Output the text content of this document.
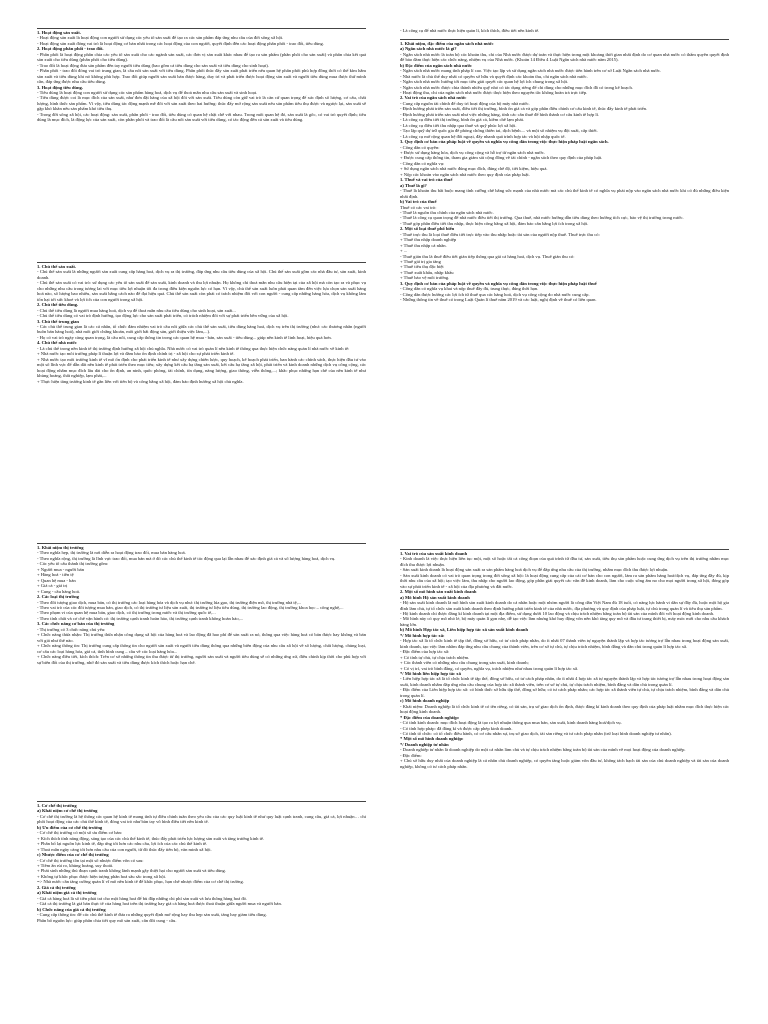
1. Hoạt động sản xuất.

- Hoạt động sản xuất là hoạt động con người sử dụng các yếu tố sản xuất để tạo ra các sản phẩm đáp ứng nhu cầu của đời sống xã hội.

- Hoạt động sản xuất đóng vai trò là hoạt động cơ bản nhất trong các hoạt động của con người, quyết định đến các hoạt động phân phối - trao đổi, tiêu dùng.

2. Hoạt động phân phối - trao đổi.

- Phân phối là hoạt động phân chia các yếu tố sản xuất cho các ngành sản xuất, các đơn vị sản xuất khác nhau để tạo ra sản phẩm (phân phối cho sản xuất) và phân chia kết quả sản xuất cho tiêu dùng (phân phối cho tiêu dùng).

- Trao đổi là hoạt động đưa sản phẩm đến tay người tiêu dùng (bao gồm cả tiêu dùng cho sản xuất và tiêu dùng cho sinh hoạt).

- Phân phối - trao đổi đóng vai trò trung gian, là cầu nối sản xuất với tiêu dùng. Phân phối thúc đẩy sản xuất phát triển nếu quan hệ phân phối phù hợp đồng thời có thể kìm hãm sản xuất và tiêu dùng khi nó không phù hợp. Trao đổi giúp người sản xuất bán được hàng, duy trì và phát triển được hoạt động sản xuất và người tiêu dùng mua được thứ mình cần, đáp ứng được nhu cầu tiêu dùng.

3. Hoạt động tiêu dùng.

- Tiêu dùng là hoạt động con người sử dụng các sản phẩm hàng hoá, dịch vụ để thoả mãn nhu cầu sản xuất và sinh hoạt.

- Tiêu dùng được coi là mục đích của sản xuất, như đơn đặt hàng của xã hội đối với sản xuất. Tiêu dùng còn giữ vai trò là căn cứ quan trọng để xác định số lượng, cơ cấu, chất lượng, hình thức sản phẩm. Vì vậy, tiêu dùng tác động mạnh mẽ đối với sản xuất theo hai hướng: thúc đẩy mở rộng sản xuất nếu sản phẩm tiêu thụ được và ngược lại, sản xuất sẽ gặp khó khăn nếu sản phẩm khó tiêu thụ.

- Trong đời sống xã hội, các hoạt động: sản xuất, phân phối - trao đổi, tiêu dùng có quan hệ chặt chẽ với nhau. Trong mối quan hệ đó, sản xuất là gốc, có vai trò quyết định; tiêu dùng là mục đích, là động lực của sản xuất, còn phân phối và trao đổi là cầu nối sản xuất với tiêu dùng, có tác động đến cả sản xuất và tiêu dùng.

1. Chủ thể sản xuất.

- Chủ thể sản xuất là những người sản xuất cung cấp hàng hoá, dịch vụ ra thị trường, đáp ứng nhu cầu tiêu dùng của xã hội. Chủ thể sản xuất gồm các nhà đầu tư, sản xuất, kinh doanh.

- Chủ thể sản xuất có vai trò: sử dụng các yếu tố sản xuất để sản xuất, kinh doanh và thu lợi nhuận. Họ không chỉ thoả mãn nhu cầu hiện tại của xã hội mà còn tạo ra và phục vụ cho những nhu cầu trong tương lai với mục tiêu lợi nhuận tối đa trong điều kiện nguồn lực có hạn. Vì vậy, chủ thể sản xuất luôn phải quan tâm đến việc lựa chọn sản xuất hàng hoá nào, số lượng bao nhiêu, sản xuất bằng cách nào để đạt hiệu quả. Chủ thể sản xuất còn phải có trách nhiệm đối với con người - cung cấp những hàng hóa, dịch vụ không làm tổn hại tới sức khoẻ và lợi ích của con người trong xã hội.

2. Chủ thể tiêu dùng.

- Chủ thể tiêu dùng là người mua hàng hoá, dịch vụ để thoả mãn nhu cầu tiêu dùng cho sinh hoạt, sản xuất...

- Chủ thể tiêu dùng có vai trò định hướng, tạo động lực cho sản xuất phát triển, có trách nhiệm đối với sự phát triển bền vững của xã hội.

3. Chủ thể trung gian

- Các chủ thể trung gian là các cá nhân, tổ chức đảm nhiệm vai trò cầu nối giữa các chủ thể sản xuất, tiêu dùng hàng hoá, dịch vụ trên thị trường (như: các thương nhân (người buôn bán hàng hoá), nhà môi giới chứng khoán, môi giới bất động sản, giới thiệu việc làm,...).

- Họ có vai trò ngày càng quan trọng, là cầu nối, cung cấp thông tin trong các quan hệ mua - bán, sản xuất - tiêu dùng... giúp nền kinh tế linh hoạt, hiệu quả hơn.

4. Chủ thể nhà nước

- Là chủ thể trong nền kinh tế thị trường định hướng xã hội chủ nghĩa. Nhà nước có vai trò quản lí nền kinh tế thông qua thực hiện chức năng quản lí nhà nước về kinh tế:

+ Nhà nước tạo môi trường pháp lí thuận lợi và đảm bảo ổn định chính trị - xã hội cho sự phát triển kinh tế.

+ Nhà nước tạo môi trường kinh tế vĩ mô ổn định cho phát triển kinh tế như xây dựng chiến lược, quy hoạch, kế hoạch phát triển, ban hành các chính sách, thực hiện đầu tư vào một số lĩnh vực để dẫn dắt nền kinh tế phát triển theo mục tiêu; xây dựng kết cấu hạ tầng sản xuất, kết cấu hạ tầng xã hội, phát triển và kinh doanh những dịch vụ công cộng, các hoạt động nhằm mục đích lâu dài cho ổn định, an ninh, quốc phòng, tài chính, tín dụng, năng lượng, giao thông, viễn thông,...; khắc phục những hạn chế của nền kinh tế như khủng hoảng, thất nghiệp, lạm phát,...

+ Thực hiện tăng trưởng kinh tế gắn liền với tiến bộ và công bằng xã hội, đảm bảo định hướng xã hội chủ nghĩa.

1. Khái niệm thị trường

- Theo nghĩa hẹp, thị trường là nơi diễn ra hoạt động trao đổi, mua bán hàng hoá.

- Theo nghĩa rộng, thị trường là lĩnh vực trao đổi, mua bán mà ở đó các chủ thể kinh tế tác động qua lại lẫn nhau để xác định giá cả và số lượng hàng hoá, dịch vụ.

- Các yếu tố cấu thành thị trường gồm:

+ Người mua - người bán

+ Hàng hoá - tiền tệ

+ Quan hệ mua - bán

+ Giá cả - giá trị

+ Cung - cầu hàng hoá.

2. Các loại thị trường

- Theo đối tượng giao dịch, mua bán, có thị trường các loại hàng hóa và dịch vụ như: thị trường lúa gạo, thị trường điện mô, thị trường nhà tệ,...

- Theo vai trò của các đối tượng mua bán, giao dịch, có thị trường tư liệu sản xuất, thị trường tư liệu tiêu dùng, thị trường lao động, thị trường khoa học – công nghệ,...

- Theo phạm vi của quan hệ mua bán, giao dịch, có thị trường trong nước và thị trường quốc tế,...

- Theo tính chất và cơ chế vận hành có: thị trường cạnh tranh hoàn hảo, thị trường cạnh tranh không hoàn hảo,...

3. Các chức năng cơ bản của thị trường

- Thị trường có 3 chức năng chủ yếu:

+ Chức năng thừa nhận: Thị trường thừa nhận công dụng xã hội của hàng hoá và lao động đã hao phí để sản xuất ra nó, thông qua việc hàng hoá có bán được hay không và bán với giá như thế nào.

+ Chức năng thông tin: Thị trường cung cấp thông tin cho người sản xuất và người tiêu dùng thông qua những biến động của nhu cầu xã hội về số lượng, chất lượng, chủng loại, cơ cấu các loại hàng hóa, giá cả, tình hình cung – cầu về các loại hàng hóa...

+ Chức năng điều tiết, kích thích: Trên cơ sở những thông tin thu được từ thị trường, người sản xuất và người tiêu dùng sẽ có những ứng xử, điều chỉnh kịp thời cho phù hợp với sự biến đổi của thị trường, nhờ đó sản xuất và tiêu dùng được kích thích hoặc hạn chế.

1. Cơ chế thị trường

a) Khái niệm cơ chế thị trường

- Cơ chế thị trường là hệ thống các quan hệ kinh tế mang tính tự điều chỉnh tuân theo yêu cầu của các quy luật kinh tế như quy luật cạnh tranh, cung cầu, giá cả, lợi nhuận… chi phối hoạt động của các chủ thể kinh tế, đóng vai trò như bàn tay vô hình điều tiết nền kinh tế.

b) Ưu điểm của cơ chế thị trường

- Cơ chế thị trường có một số ưu điểm cơ bản:

+ Kích thích tính năng động, sáng tạo của các chủ thể kinh tế, thúc đẩy phát triển lực lượng sản xuất và tăng trưởng kinh tế.

+ Phân bổ lại nguồn lực kinh tế, đáp ứng tốt hơn các nhu cầu, lợi ích của các chủ thể kinh tế.

+ Thoả mãn ngày càng tốt hơn nhu cầu của con người, từ đó thúc đẩy tiến bộ, văn minh xã hội.

c) Nhược điểm của cơ chế thị trường

- Cơ chế thị trường tồn tại một số nhược điểm vốn có sau:

+ Tiềm ẩn rủi ro, khủng hoảng, suy thoái.

+ Phát sinh những thủ đoạn cạnh tranh không lành mạnh gây thiệt hại cho người sản xuất và tiêu dùng.

+ Không tự khắc phục được hiện tượng phân hoá sâu sắc trong xã hội.

=> Nhà nước cần tăng cường quản lí vĩ mô nền kinh tế để khắc phục, hạn chế nhược điểm của cơ chế thị trường.

2. Giá cả thị trường

a) Khái niệm giá cả thị trường

- Giá cả hàng hoá là số tiền phải trả cho một hàng hoá để bù đắp những chi phí sản xuất và lưu thông hàng hoá đó.

- Giá cả thị trường là giá bán thực tế của hàng hoá trên thị trường hay giá cả hàng hoá được thoả thuận giữa người mua và người bán.

b) Chức năng của giá cả thị trường

- Cung cấp thông tin: để các chủ thể kinh tế đưa ra những quyết định mở rộng hay thu hẹp sản xuất, tăng hay giảm tiêu dùng.

Phân bổ nguồn lực: giúp phân chia tiết quy mô sản xuất, cân đối cung - cầu.

- Là công cụ để nhà nước thực hiện quản lí, kích thích, điều tiết nền kinh tế.

1. Khái niệm, đặc điểm của ngân sách nhà nước

a) Ngân sách nhà nước là gì?

- Ngân sách nhà nước là toàn bộ các khoản thu, chi của Nhà nước được dự toán và thực hiện trong một khoảng thời gian nhất định do cơ quan nhà nước có thẩm quyền quyết định để bảo đảm thực hiện các chức năng, nhiệm vụ của Nhà nước. (Khoản 14 Điều 4 Luật Ngân sách nhà nước năm 2015).

b) Đặc điểm của ngân sách nhà nước

- Ngân sách nhà nước mang tính pháp lí cao. Việc tạo lập và sử dụng ngân sách nhà nước được tiến hành trên cơ sở Luật Ngân sách nhà nước.

- Nhà nước là chủ thể duy nhất có quyền sở hữu và quyết định các khoản thu, chi ngân sách nhà nước.

- Ngân sách nhà nước hướng tới mục tiêu giải quyết các quan hệ lợi ích chung trong xã hội.

- Ngân sách nhà nước được chia thành nhiều quỹ nhỏ có tác dụng riêng để chi dùng cho những mục đích đã có trong kế hoạch.

- Hoạt động thu, chi của ngân sách nhà nước được thực hiện theo nguyên tắc không hoàn trả trực tiếp.

2. Vai trò của ngân sách nhà nước

- Cung cấp nguồn tài chính để duy trì hoạt động của bộ máy nhà nước.

- Định hướng phát triển sản xuất, điều tiết thị trường, bình ổn giá cả và góp phần điều chỉnh cơ cấu kinh tế, thúc đẩy kinh tế phát triển.

- Định hướng phát triển sản xuất như việc những hàng, tính các cân thuế để hình thành cơ cấu kinh tế hợp lí.

- Là công cụ điều tiết thị trường, bình ổn giá cả, kiềm chế lạm phát.

- Là công cụ điều tiết thu nhập qua thuế và quỹ phúc lợi xã hội.

- Tạo lập quỹ dự trữ quốc gia để phòng chống thiên tai, dịch bệnh.... và một số nhiệm vụ đột xuất, cấp thiết.

- Là công cụ mở rộng quan hệ đối ngoại, đẩy nhanh quá trình hợp tác và hội nhập quốc tế.

3. Quy định cơ bản của pháp luật về quyền và nghĩa vụ công dân trong việc thực hiện pháp luật ngân sách.

- Công dân có quyền:

+ Được sử dụng hàng hóa, dịch vụ công cộng và hỗ trợ từ ngân sách nhà nước.

+ Được cung cấp thông tin, tham gia giám sát cộng đồng về tài chính - ngân sách theo quy định của pháp luật.

- Công dân có nghĩa vụ:

+ Sử dụng ngân sách nhà nước đúng mục đích, đúng chế độ, tiết kiệm, hiệu quả.

+ Nộp các khoản vào ngân sách nhà nước theo quy định của pháp luật.

1. Thuế và vai trò của thuế

a) Thuế là gì?

- Thuế là khoản thu bắt buộc mang tính cưỡng chế bằng sức mạnh của nhà nước mà các chủ thể kinh tế có nghĩa vụ phải nộp vào ngân sách nhà nước khi có đủ những điều kiện nhất định.

b) Vai trò của thuế

Thuế có các vai trò:

- Thuế là nguồn thu chính của ngân sách nhà nước.

- Thuế là công cụ quan trọng để nhà nước điều tiết thị trường. Qua thuế, nhà nước hướng dẫn tiêu dùng theo hướng tích cực, bảo vệ thị trường trong nước.

- Thuế góp phần điều tiết thu nhập, thực hiện công bằng xã hội, đảm bảo cân bằng lợi ích trong xã hội.

2. Một số loại thuế phổ biến

- Thuế trực thu là loại thuế điều tiết trực tiếp vào thu nhập hoặc tài sản của người nộp thuế. Thuế trực thu có:

+ Thuế thu nhập doanh nghiệp

+ Thuế thu nhập cá nhân.

+ ...

- Thuế gián thu là thuế điều tiết gián tiếp thông qua giá cả hàng hoá, dịch vụ. Thuế gián thu có:

+ Thuế giá trị gia tăng

+ Thuế tiêu thụ đặc biệt

+ Thuế xuất khẩu, nhập khẩu

+ Thuế bảo vệ môi trường.

3. Quy định cơ bản của pháp luật về quyền và nghĩa vụ công dân trong việc thực hiện pháp luật thuế

- Công dân có nghĩa vụ khai và nộp thuế đầy đủ, trung thực, đúng thời hạn.

- Công dân được hưởng các lợi ích từ thuế qua các hàng hoá, dịch vụ công cộng do nhà nước cung cấp.

- Những thông tin về thuế có trong Luật Quản lí thuế năm 2019 và các luật, nghị định về thuế có liên quan.

1. Vai trò của sản xuất kinh doanh

- Kinh doanh là việc thực hiện liên tục một, một số hoặc tất cả công đoạn của quá trình từ đầu tư, sản xuất, tiêu thụ sản phẩm hoặc cung ứng dịch vụ trên thị trường nhằm mục đích thu được lợi nhuận.

- Sản xuất kinh doanh là hoạt động sản xuất ra sản phẩm hàng hoá dịch vụ để đáp ứng nhu cầu của thị trường, nhằm mục đích thu được lợi nhuận.

- Sản xuất kinh doanh có vai trò quan trọng trong đời sống xã hội: là hoạt động cung cấp của cải cơ bản cho con người, làm ra sản phẩm hàng hoá/dịch vụ, đáp ứng đầy đủ, kịp thời nhu cầu của xã hội; tạo việc làm, thu nhập cho người lao động, góp phần giải quyết các vấn đề kinh doanh, làm cho cuộc sống ấm no cho mọi người trong xã hội, đóng góp vào sự phát triển kinh tế - xã hội của địa phương và đất nước.

2. Một số mô hình sản xuất kinh doanh

a) Mô hình Hộ sản xuất kinh doanh

- Hộ sản xuất kinh doanh là mô hình sản xuất kinh doanh do cá nhân hoặc một nhóm người là công dân Việt Nam đủ 18 tuổi, có năng lực hành vi dân sự đầy đủ, hoặc một hộ gia đình làm chủ, tự tổ chức sản xuất kinh doanh theo định hướng phát triển kinh tế của nhà nước, địa phương và quy định của pháp luật, tự chủ trong quản lí và tiêu thụ sản phẩm.

- Hộ kinh doanh chỉ được đăng kí kinh doanh tại một địa điểm, sử dụng dưới 10 lao động và chịu trách nhiệm bằng toàn bộ tài sản của mình đối với hoạt động kinh doanh.

- Mô hình này có quy mô nhỏ lẻ, bộ máy quản lí gọn nhẹ, dễ tạo việc làm nhưng khó huy động vốn nên khó tăng quy mô và đầu tư trang thiết bị, máy móc mới cho nhu cầu khách hàng lớn.

b) Mô hình Hợp tác xã, Liên hiệp hợp tác xã sản xuất kinh doanh

*/ Mô hình hợp tác xã:

- Hợp tác xã là tổ chức kinh tế tập thể, đồng sở hữu, có tư cách pháp nhân, do ít nhất 07 thành viên tự nguyện thành lập và hợp tác tương trợ lẫn nhau trong hoạt động sản xuất, kinh doanh, tạo việc làm nhằm đáp ứng nhu cầu chung của thành viên, trên cơ sở tự chủ, tự chịu trách nhiệm, bình đẳng và dân chủ trong quản lí hợp tác xã.

- Đặc điểm của hợp tác xã:

+ Có tính tự chủ, tự chịu trách nhiệm.

+ Các thành viên có những nhu cầu chung trong sản xuất, kinh doanh;

+ Có vị trí, vai trò bình đẳng, có quyền, nghĩa vụ, trách nhiệm như nhau trong quản lí hợp tác xã.

*/ Mô hình liên hiệp hợp tác xã

- Liên hiệp hợp tác xã là tổ chức kinh tế tập thể, đồng sở hữu, có tư cách pháp nhân, do ít nhất 4 hợp tác xã tự nguyện thành lập và hợp tác tương trợ lẫn nhau trong hoạt động sản xuất, kinh doanh nhằm đáp ứng nhu cầu chung của hợp tác xã thành viên, trên cơ sở tự chủ, tự chịu trách nhiệm, bình đẳng và dân chủ trong quản lí.

- Đặc điểm của Liên hiệp hợp tác xã: có hình thức sở hữu tập thể, đồng sở hữu; có tư cách pháp nhân; các hợp tác xã thành viên tự chủ, tự chịu trách nhiệm, bình đẳng và dân chủ trong quản lí.

c) Mô hình doanh nghiệp

- Khái niệm: Doanh nghiệp là tổ chức kinh tế có tên riêng, có tài sản, trụ sở giao dịch ổn định, được đăng kí kinh doanh theo quy định của pháp luật nhằm mục đích thực hiện các hoạt động kinh doanh.

* Đặc điểm của doanh nghiệp:

- Có tính kinh doanh: mục đích hoạt động là tạo ra lợi nhuận thông qua mua bán, sản xuất, kinh doanh hàng hoá/dịch vụ.

- Có tính hợp pháp: đã đăng kí và được cấp phép kinh doanh.

- Có tính tổ chức: có tổ chức điều hành, có cơ cấu nhân sự, trụ sở giao dịch, tài sản riêng và tư cách pháp nhân (trừ loại hình doanh nghiệp tư nhân).

* Một số mô hình doanh nghiệp:

*/ Doanh nghiệp tư nhân

- Doanh nghiệp tư nhân là doanh nghiệp do một cá nhân làm chủ và tự chịu trách nhiệm bằng toàn bộ tài sản của mình về mọi hoạt động của doanh nghiệp.

- Đặc điểm:

+ Chủ sở hữu duy nhất của doanh nghiệp là cá nhân chủ doanh nghiệp, có quyền tăng hoặc giảm vốn đầu tư, không tách bạch tài sản của chủ doanh nghiệp và tài sản của doanh nghiệp, không có tư cách pháp nhân.
